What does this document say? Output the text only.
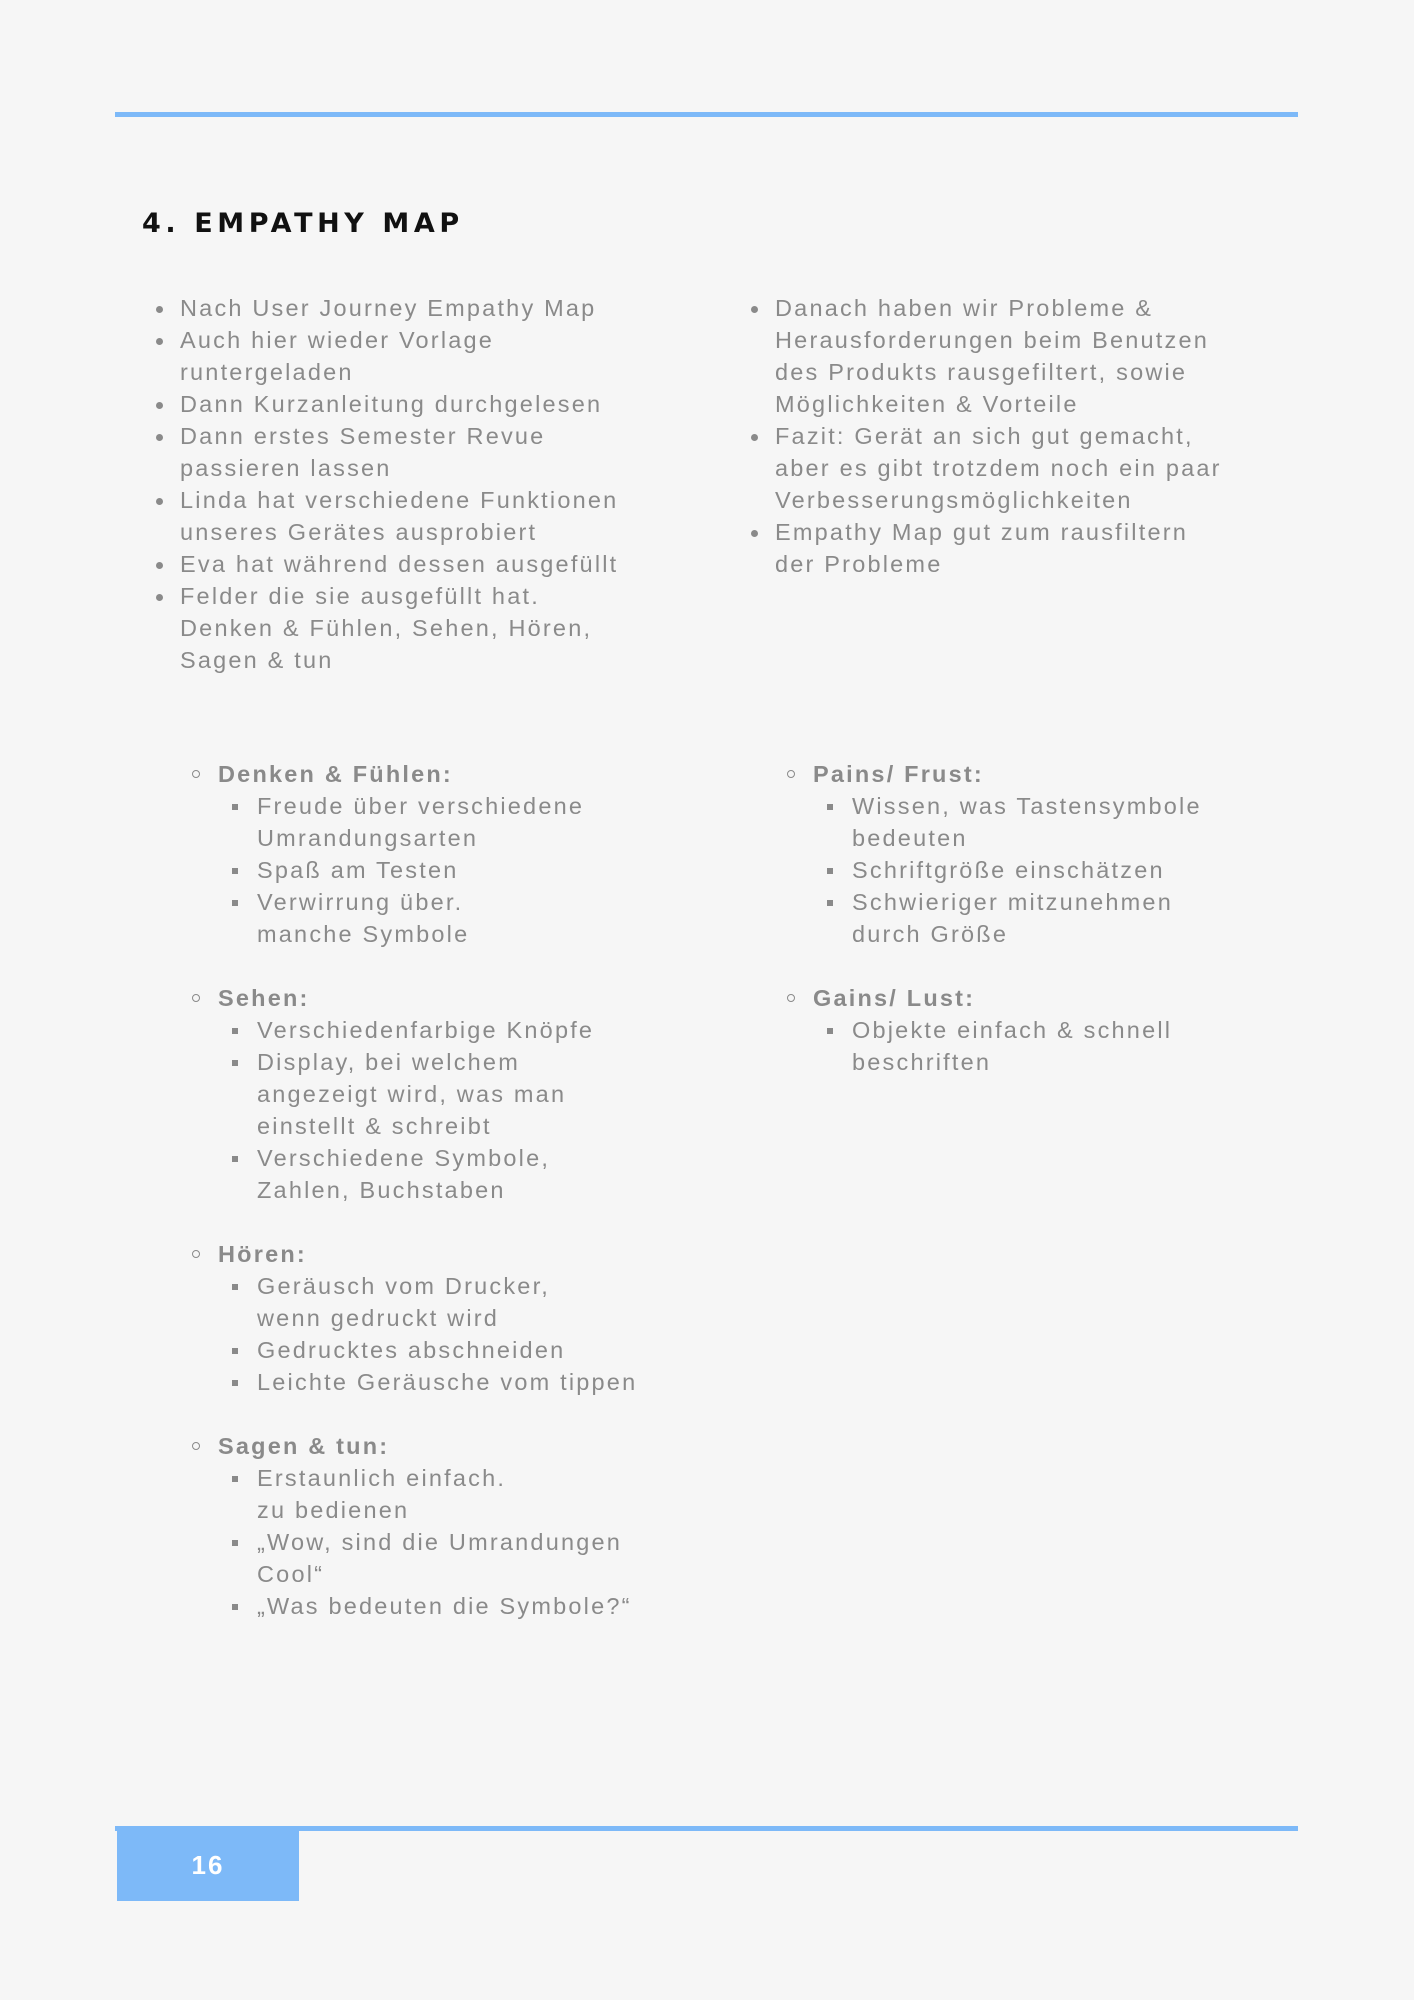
4. EMPATHY MAP
Nach User Journey Empathy Map
Auch hier wieder Vorlage
runtergeladen
Dann Kurzanleitung durchgelesen
Dann erstes Semester Revue
passieren lassen
Linda hat verschiedene Funktionen
unseres Gerätes ausprobiert
Eva hat während dessen ausgefüllt
Felder die sie ausgefüllt hat.
Denken & Fühlen, Sehen, Hören,
Sagen & tun
Danach haben wir Probleme &
Herausforderungen beim Benutzen
des Produkts rausgefiltert, sowie
Möglichkeiten & Vorteile
Fazit: Gerät an sich gut gemacht,
aber es gibt trotzdem noch ein paar
Verbesserungsmöglichkeiten
Empathy Map gut zum rausfiltern
der Probleme
Denken & Fühlen:
Freude über verschiedene
Umrandungsarten
Spaß am Testen
Verwirrung über.
manche Symbole
Sehen:
Verschiedenfarbige Knöpfe
Display, bei welchem
angezeigt wird, was man
einstellt & schreibt
Verschiedene Symbole,
Zahlen, Buchstaben
Hören:
Geräusch vom Drucker,
wenn gedruckt wird
Gedrucktes abschneiden
Leichte Geräusche vom tippen
Sagen & tun:
Erstaunlich einfach.
zu bedienen
„Wow, sind die Umrandungen
Cool“
„Was bedeuten die Symbole?“
Pains/ Frust:
Wissen, was Tastensymbole
bedeuten
Schriftgröße einschätzen
Schwieriger mitzunehmen
durch Größe
Gains/ Lust:
Objekte einfach & schnell
beschriften
16
